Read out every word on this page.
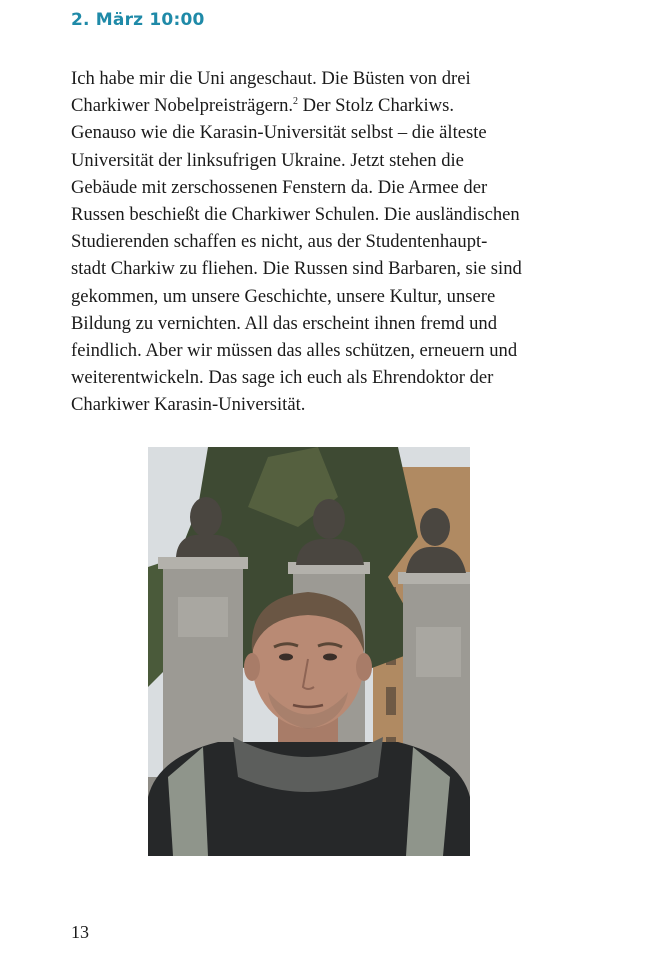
2. März 10:00
Ich habe mir die Uni angeschaut. Die Büsten von drei
Charkiwer Nobelpreisträgern.$^2$ Der Stolz Charkiws.
Genauso wie die Karasin-Universität selbst – die älteste
Universität der linksufrigen Ukraine. Jetzt stehen die
Gebäude mit zerschossenen Fenstern da. Die Armee der
Russen beschießt die Charkiwer Schulen. Die ausländischen
Studierenden schaffen es nicht, aus der Studentenhaupt-
stadt Charkiw zu fliehen. Die Russen sind Barbaren, sie sind
gekommen, um unsere Geschichte, unsere Kultur, unsere
Bildung zu vernichten. All das erscheint ihnen fremd und
feindlich. Aber wir müssen das alles schützen, erneuern und
weiterentwickeln. Das sage ich euch als Ehrendoktor der
Charkiwer Karasin-Universität.
13
